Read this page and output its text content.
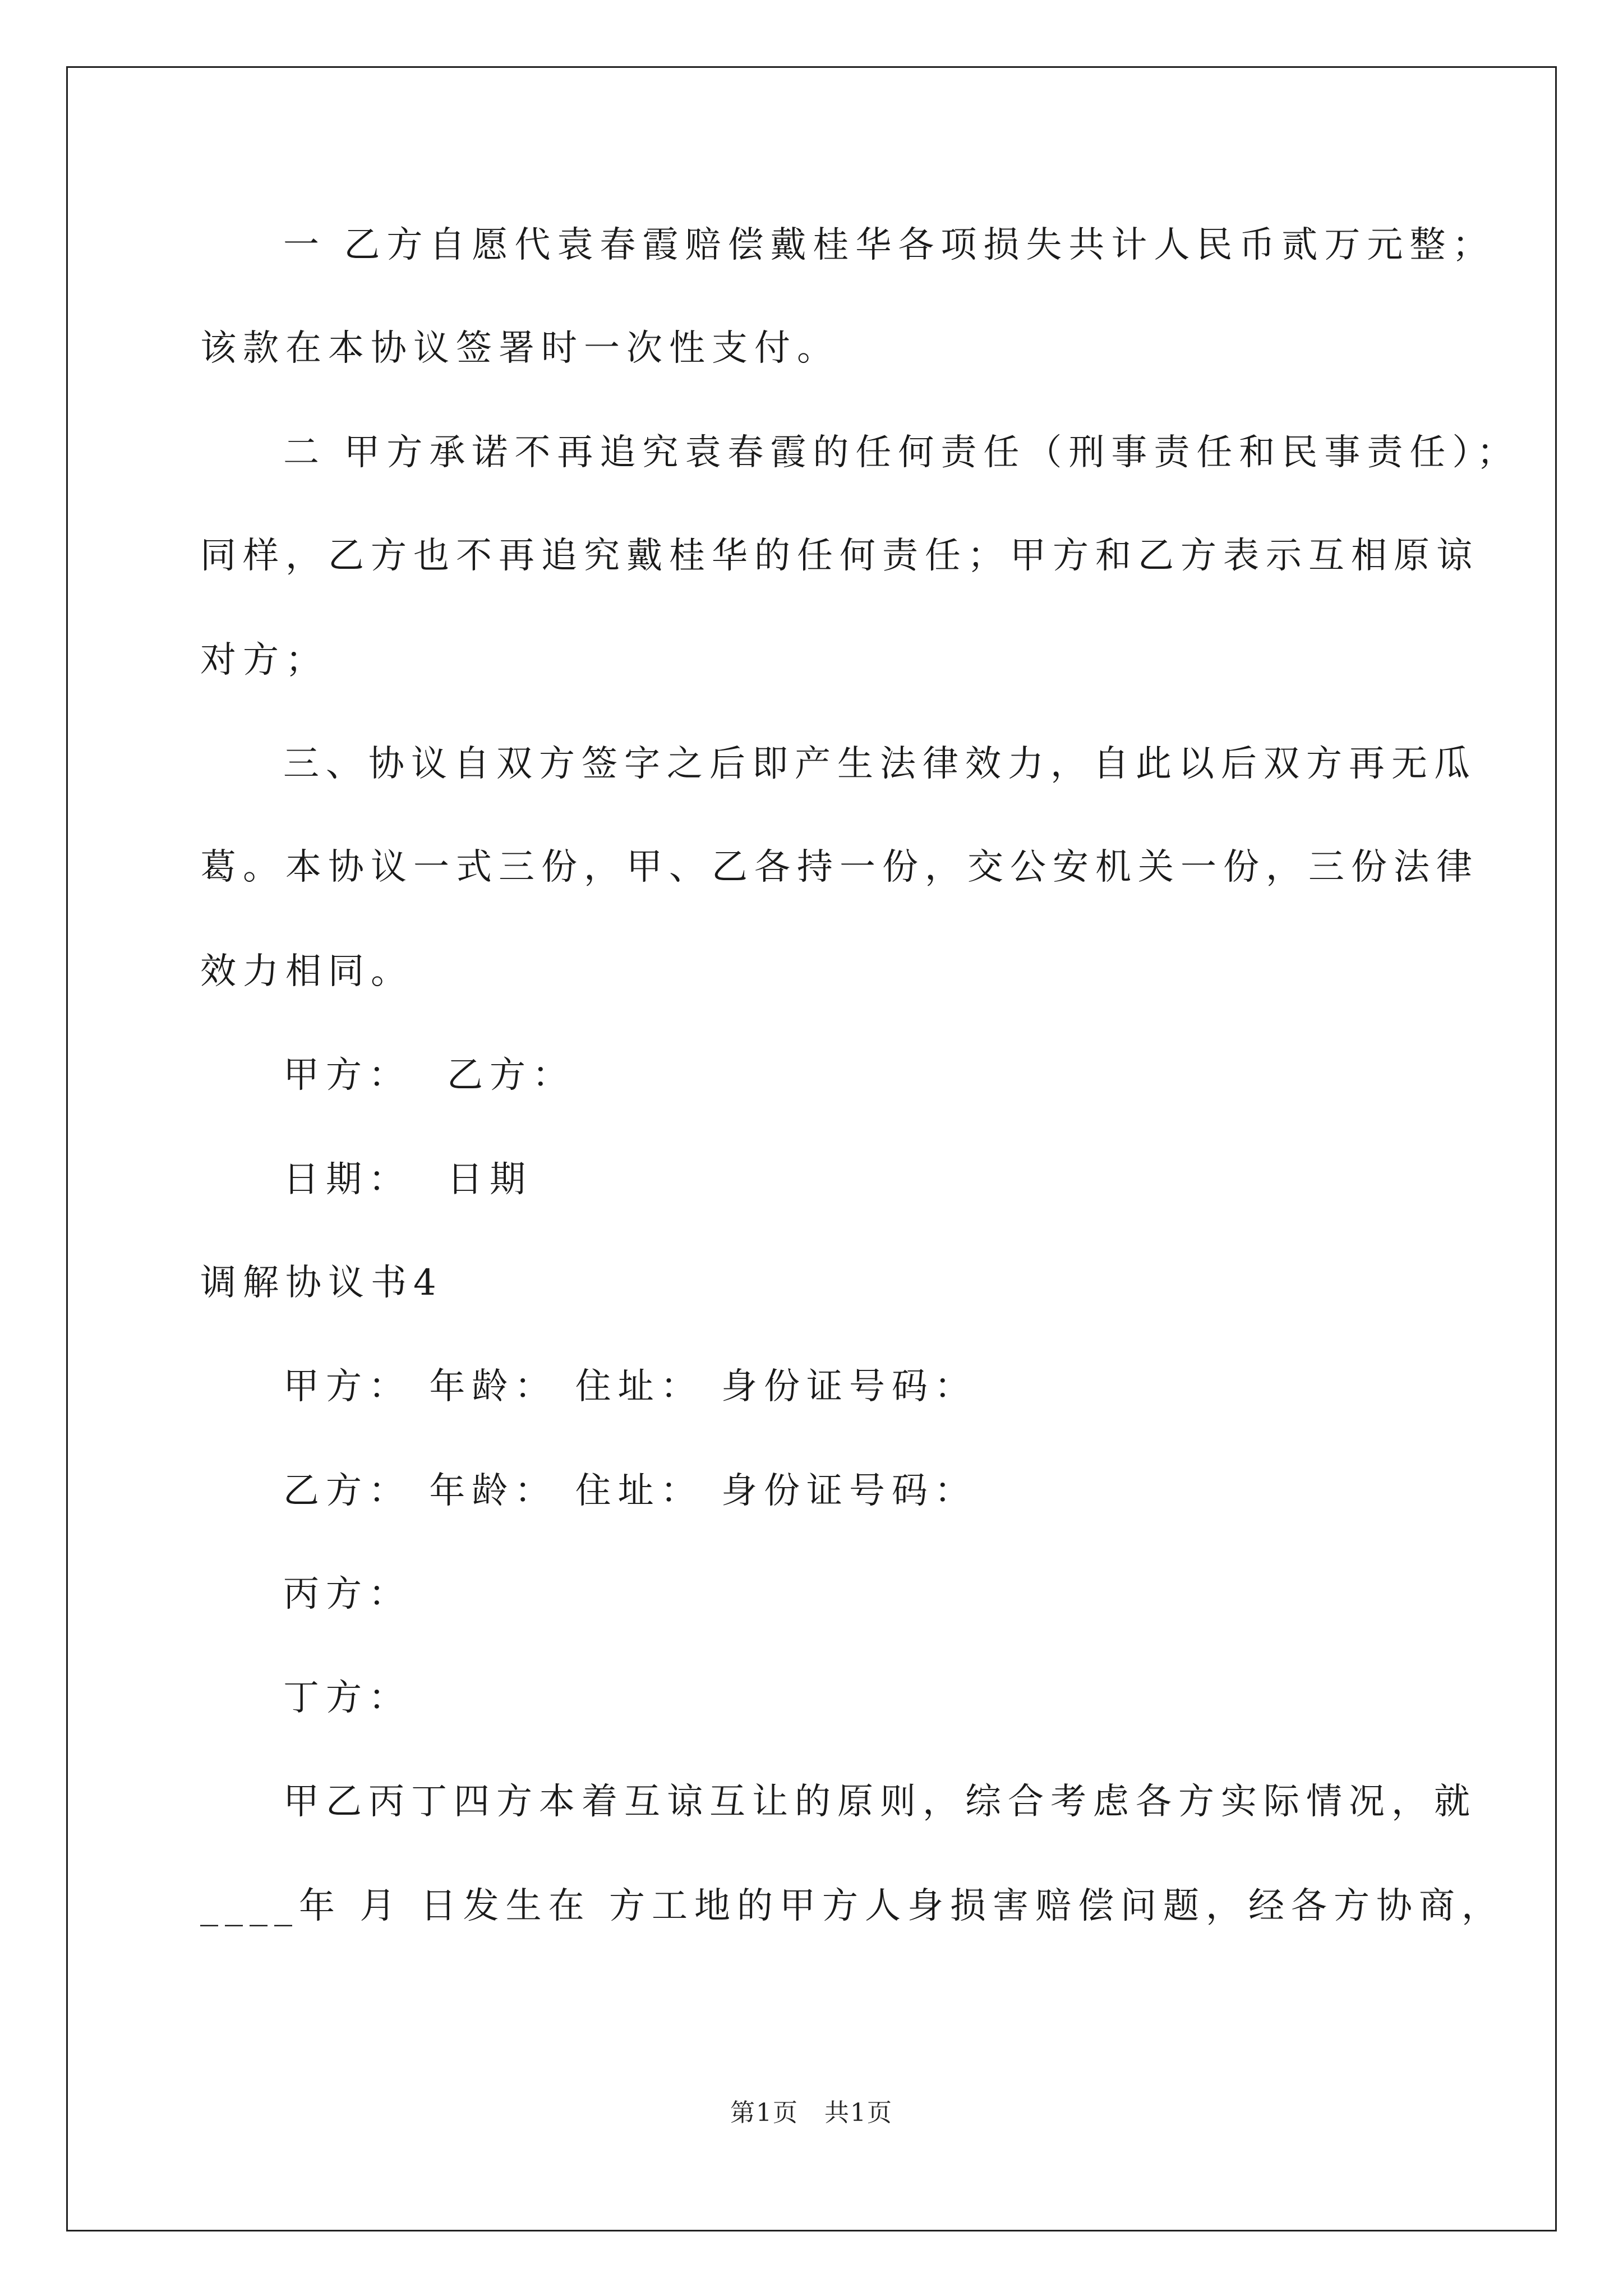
一 乙方自愿代袁春霞赔偿戴桂华各项损失共计人民币贰万元整；
该款在本协议签署时一次性支付。
二 甲方承诺不再追究袁春霞的任何责任（刑事责任和民事责任）；
同样，乙方也不再追究戴桂华的任何责任；甲方和乙方表示互相原谅
对方；
三、协议自双方签字之后即产生法律效力，自此以后双方再无瓜
葛。本协议一式三份，甲、乙各持一份，交公安机关一份，三份法律
效力相同。
甲方： 乙方：
日期： 日期
调解协议书4
甲方： 年龄： 住址： 身份证号码：
乙方： 年龄： 住址： 身份证号码：
丙方：
丁方：
甲乙丙丁四方本着互谅互让的原则，综合考虑各方实际情况，就
____年 月 日发生在 方工地的甲方人身损害赔偿问题，经各方协商，
第1页　共1页
